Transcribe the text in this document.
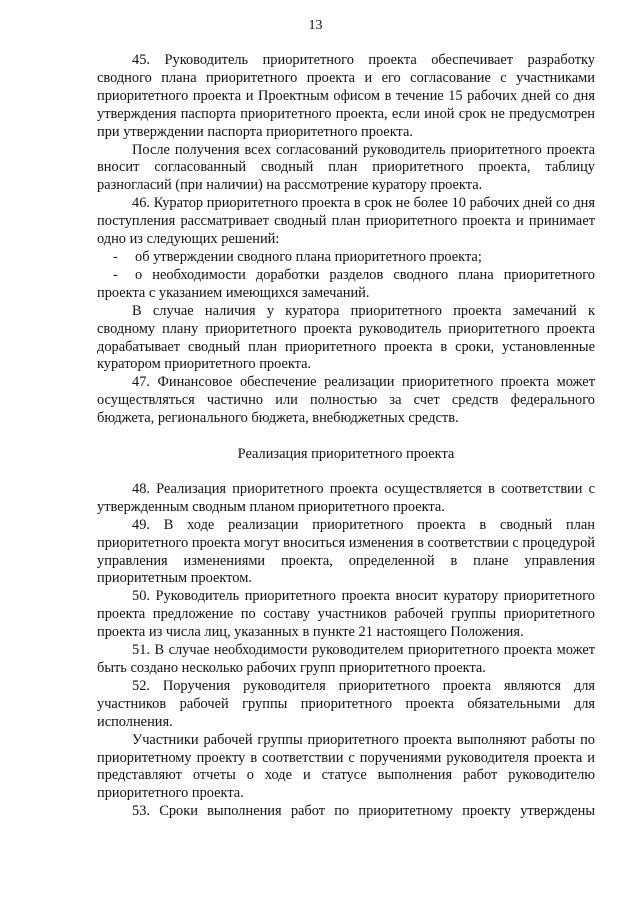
13

45. Руководитель приоритетного проекта обеспечивает разработку сводного плана приоритетного проекта и его согласование с участниками приоритетного проекта и Проектным офисом в течение 15 рабочих дней со дня утверждения паспорта приоритетного проекта, если иной срок не предусмотрен при утверждении паспорта приоритетного проекта.

После получения всех согласований руководитель приоритетного проекта вносит согласованный сводный план приоритетного проекта, таблицу разногласий (при наличии) на рассмотрение куратору проекта.

46. Куратор приоритетного проекта в срок не более 10 рабочих дней со дня поступления рассматривает сводный план приоритетного проекта и принимает одно из следующих решений:

- об утверждении сводного плана приоритетного проекта;

- о необходимости доработки разделов сводного плана приоритетного проекта с указанием имеющихся замечаний.

В случае наличия у куратора приоритетного проекта замечаний к сводному плану приоритетного проекта руководитель приоритетного проекта дорабатывает сводный план приоритетного проекта в сроки, установленные куратором приоритетного проекта.

47. Финансовое обеспечение реализации приоритетного проекта может осуществляться частично или полностью за счет средств федерального бюджета, регионального бюджета, внебюджетных средств.

Реализация приоритетного проекта

48. Реализация приоритетного проекта осуществляется в соответствии с утвержденным сводным планом приоритетного проекта.

49. В ходе реализации приоритетного проекта в сводный план приоритетного проекта могут вноситься изменения в соответствии с процедурой управления изменениями проекта, определенной в плане управления приоритетным проектом.

50. Руководитель приоритетного проекта вносит куратору приоритетного проекта предложение по составу участников рабочей группы приоритетного проекта из числа лиц, указанных в пункте 21 настоящего Положения.

51. В случае необходимости руководителем приоритетного проекта может быть создано несколько рабочих групп приоритетного проекта.

52. Поручения руководителя приоритетного проекта являются для участников рабочей группы приоритетного проекта обязательными для исполнения.

Участники рабочей группы приоритетного проекта выполняют работы по приоритетному проекту в соответствии с поручениями руководителя проекта и представляют отчеты о ходе и статусе выполнения работ руководителю приоритетного проекта.

53. Сроки выполнения работ по приоритетному проекту утверждены
